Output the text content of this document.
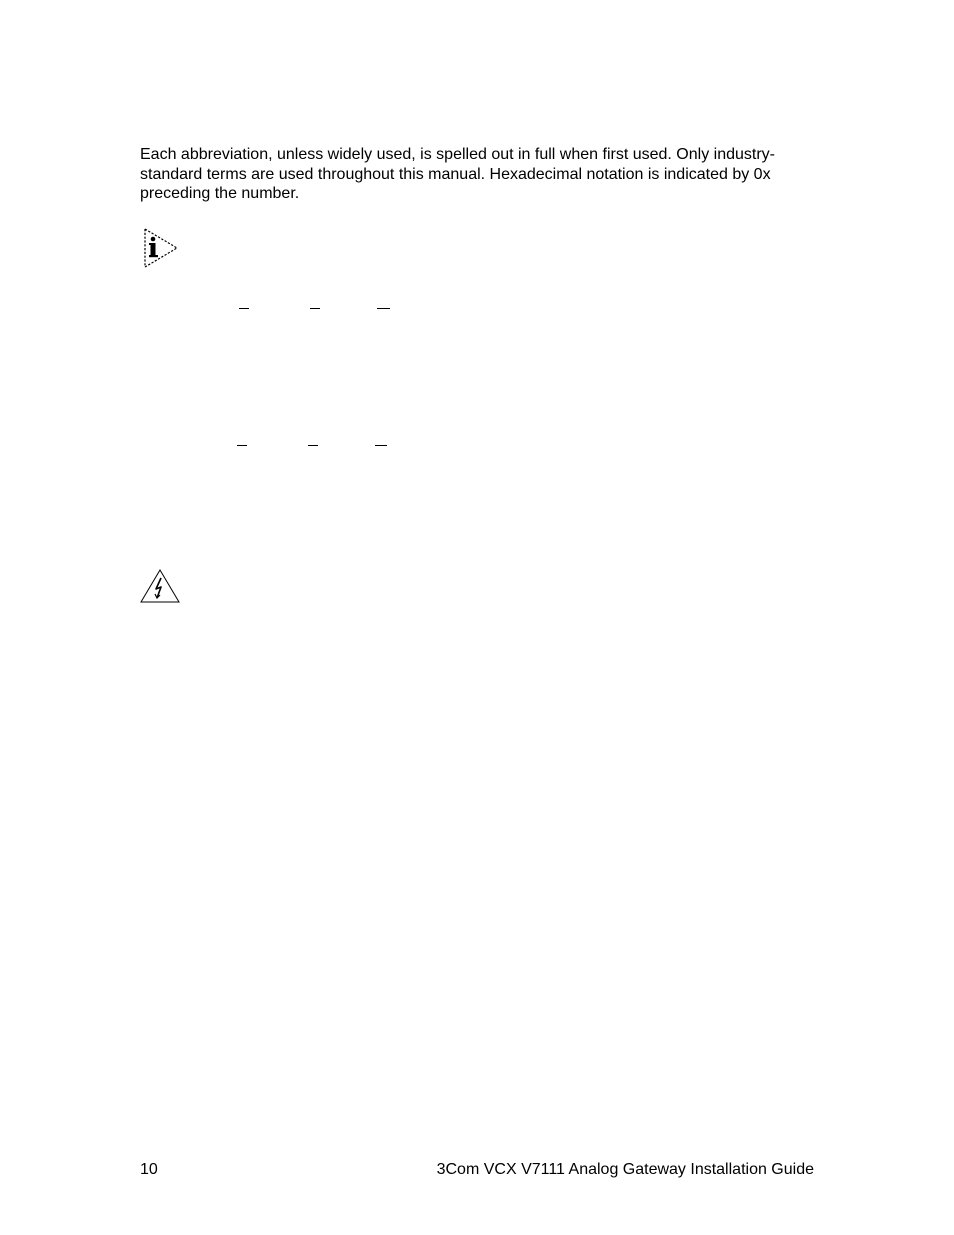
Each abbreviation, unless widely used, is spelled out in full when first used. Only industry-
standard terms are used throughout this manual. Hexadecimal notation is indicated by 0x
preceding the number.

10	3Com VCX V7111 Analog Gateway Installation Guide
